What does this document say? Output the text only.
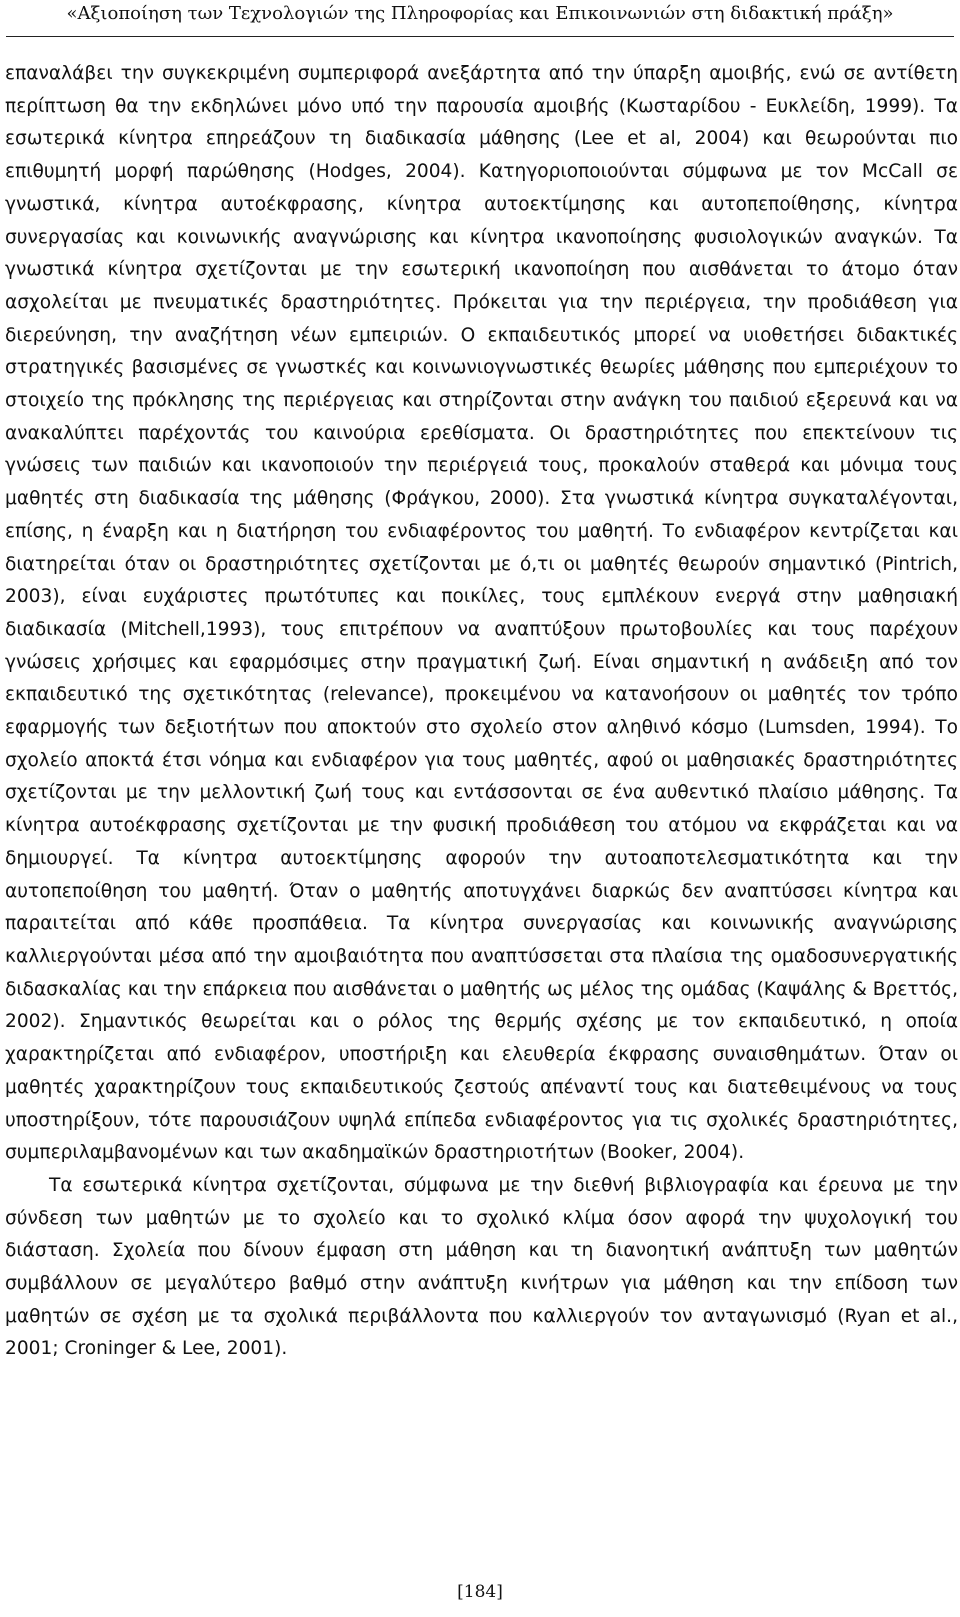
«Αξιοποίηση των Τεχνολογιών της Πληροφορίας και Επικοινωνιών στη διδακτική πράξη»

επαναλάβει την συγκεκριμένη συμπεριφορά ανεξάρτητα από την ύπαρξη αμοιβής, ενώ σε αντίθετη περίπτωση θα την εκδηλώνει μόνο υπό την παρουσία αμοιβής (Κωσταρίδου - Ευκλείδη, 1999). Τα εσωτερικά κίνητρα επηρεάζουν τη διαδικασία μάθησης (Lee et al, 2004) και θεωρούνται πιο επιθυμητή μορφή παρώθησης (Hodges, 2004). Κατηγοριοποιούνται σύμφωνα με τον McCall σε γνωστικά, κίνητρα αυτοέκφρασης, κίνητρα αυτοεκτίμησης και αυτοπεποίθησης, κίνητρα συνεργασίας και κοινωνικής αναγνώρισης και κίνητρα ικανοποίησης φυσιολογικών αναγκών. Τα γνωστικά κίνητρα σχετίζονται με την εσωτερική ικανοποίηση που αισθάνεται το άτομο όταν ασχολείται με πνευματικές δραστηριότητες. Πρόκειται για την περιέργεια, την προδιάθεση για διερεύνηση, την αναζήτηση νέων εμπειριών. Ο εκπαιδευτικός μπορεί να υιοθετήσει διδακτικές στρατηγικές βασισμένες σε γνωστκές και κοινωνιογνωστικές θεωρίες μάθησης που εμπεριέχουν το στοιχείο της πρόκλησης της περιέργειας και στηρίζονται στην ανάγκη του παιδιού εξερευνά και να ανακαλύπτει παρέχοντάς του καινούρια ερεθίσματα. Οι δραστηριότητες που επεκτείνουν τις γνώσεις των παιδιών και ικανοποιούν την περιέργειά τους, προκαλούν σταθερά και μόνιμα τους μαθητές στη διαδικασία της μάθησης (Φράγκου, 2000). Στα γνωστικά κίνητρα συγκαταλέγονται, επίσης, η έναρξη και η διατήρηση του ενδιαφέροντος του μαθητή. Το ενδιαφέρον κεντρίζεται και διατηρείται όταν οι δραστηριότητες σχετίζονται με ό,τι οι μαθητές θεωρούν σημαντικό (Pintrich, 2003), είναι ευχάριστες πρωτότυπες και ποικίλες, τους εμπλέκουν ενεργά στην μαθησιακή διαδικασία (Mitchell,1993), τους επιτρέπουν να αναπτύξουν πρωτοβουλίες και τους παρέχουν γνώσεις χρήσιμες και εφαρμόσιμες στην πραγματική ζωή. Είναι σημαντική η ανάδειξη από τον εκπαιδευτικό της σχετικότητας (relevance), προκειμένου να κατανοήσουν οι μαθητές τον τρόπο εφαρμογής των δεξιοτήτων που αποκτούν στο σχολείο στον αληθινό κόσμο (Lumsden, 1994). Το σχολείο αποκτά έτσι νόημα και ενδιαφέρον για τους μαθητές, αφού οι μαθησιακές δραστηριότητες σχετίζονται με την μελλοντική ζωή τους και εντάσσονται σε ένα αυθεντικό πλαίσιο μάθησης. Τα κίνητρα αυτοέκφρασης σχετίζονται με την φυσική προδιάθεση του ατόμου να εκφράζεται και να δημιουργεί. Τα κίνητρα αυτοεκτίμησης αφορούν την αυτοαποτελεσματικότητα και την αυτοπεποίθηση του μαθητή. Όταν ο μαθητής αποτυγχάνει διαρκώς δεν αναπτύσσει κίνητρα και παραιτείται από κάθε προσπάθεια. Τα κίνητρα συνεργασίας και κοινωνικής αναγνώρισης καλλιεργούνται μέσα από την αμοιβαιότητα που αναπτύσσεται στα πλαίσια της ομαδοσυνεργατικής διδασκαλίας και την επάρκεια που αισθάνεται ο μαθητής ως μέλος της ομάδας (Καψάλης & Βρεττός, 2002). Σημαντικός θεωρείται και ο ρόλος της θερμής σχέσης με τον εκπαιδευτικό, η οποία χαρακτηρίζεται από ενδιαφέρον, υποστήριξη και ελευθερία έκφρασης συναισθημάτων. Όταν οι μαθητές χαρακτηρίζουν τους εκπαιδευτικούς ζεστούς απέναντί τους και διατεθειμένους να τους υποστηρίξουν, τότε παρουσιάζουν υψηλά επίπεδα ενδιαφέροντος για τις σχολικές δραστηριότητες, συμπεριλαμβανομένων και των ακαδημαϊκών δραστηριοτήτων (Booker, 2004).

Τα εσωτερικά κίνητρα σχετίζονται, σύμφωνα με την διεθνή βιβλιογραφία και έρευνα με την σύνδεση των μαθητών με το σχολείο και το σχολικό κλίμα όσον αφορά την ψυχολογική του διάσταση. Σχολεία που δίνουν έμφαση στη μάθηση και τη διανοητική ανάπτυξη των μαθητών συμβάλλουν σε μεγαλύτερο βαθμό στην ανάπτυξη κινήτρων για μάθηση και την επίδοση των μαθητών σε σχέση με τα σχολικά περιβάλλοντα που καλλιεργούν τον ανταγωνισμό (Ryan et al., 2001; Croninger & Lee, 2001).

[184]
